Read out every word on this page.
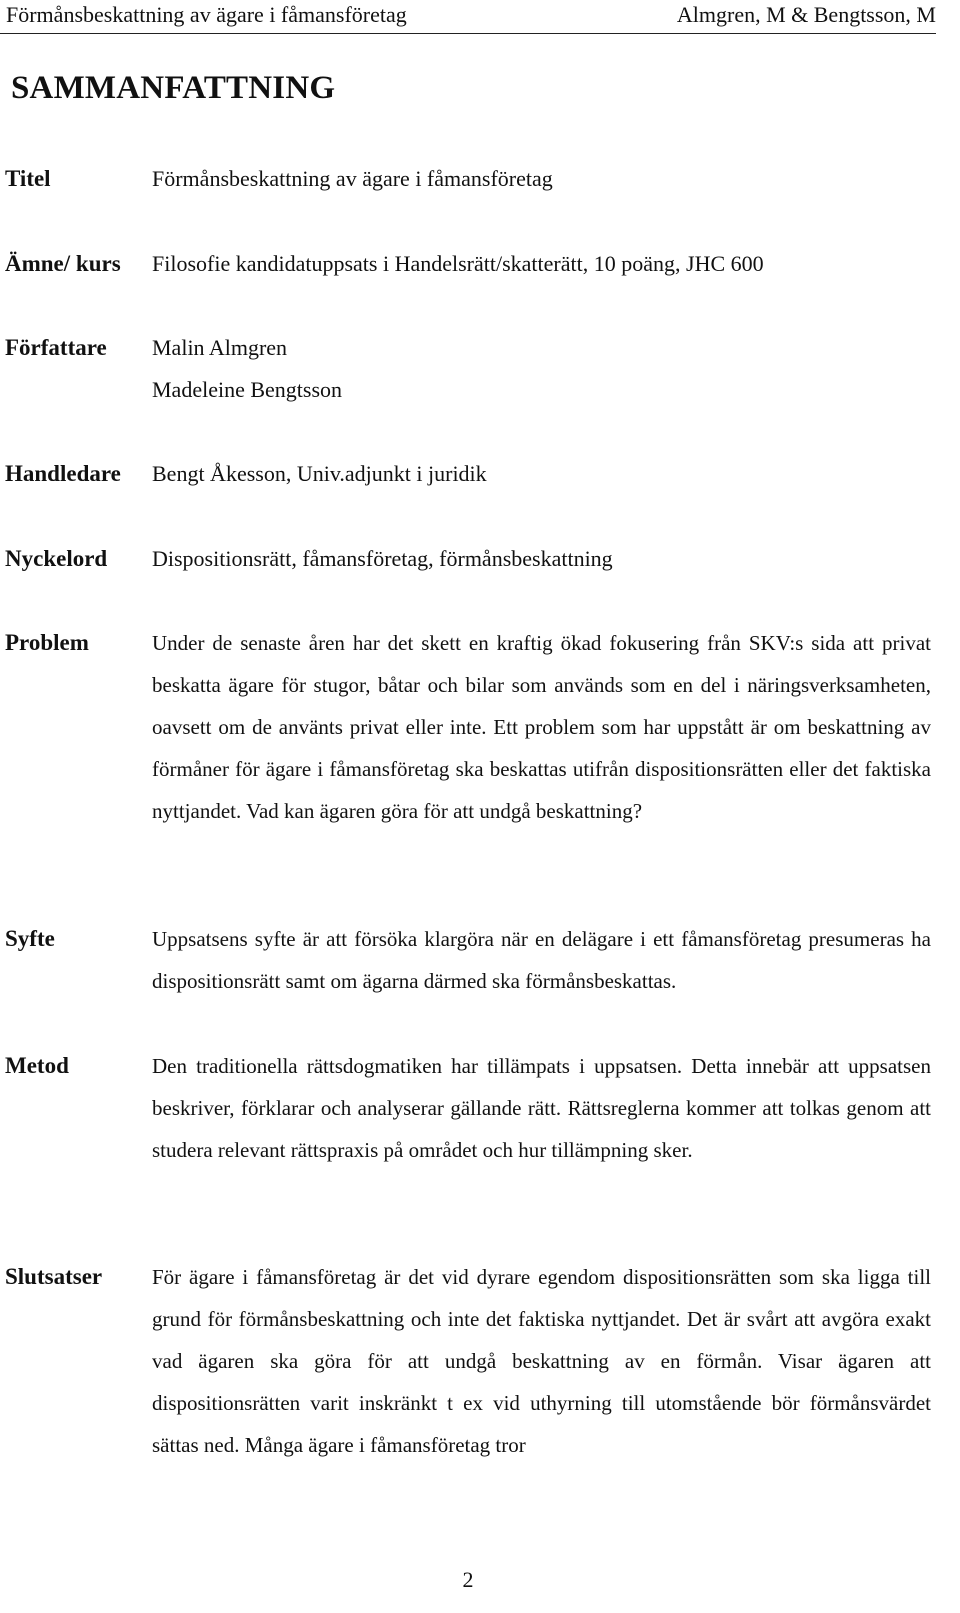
Förmånsbeskattning av ägare i fåmansföretag	Almgren, M & Bengtsson, M
SAMMANFATTNING
Titel	Förmånsbeskattning av ägare i fåmansföretag
Ämne/ kurs Filosofie kandidatuppsats i Handelsrätt/skatterätt, 10 poäng, JHC 600
Författare Malin Almgren
Madeleine Bengtsson
Handledare Bengt Åkesson, Univ.adjunkt i juridik
Nyckelord Dispositionsrätt, fåmansföretag, förmånsbeskattning
Problem	Under de senaste åren har det skett en kraftig ökad fokusering från SKV:s sida att privat beskatta ägare för stugor, båtar och bilar som används som en del i näringsverksamheten, oavsett om de använts privat eller inte. Ett problem som har uppstått är om beskattning av förmåner för ägare i fåmansföretag ska beskattas utifrån dispositionsrätten eller det faktiska nyttjandet. Vad kan ägaren göra för att undgå beskattning?
Syfte	Uppsatsens syfte är att försöka klargöra när en delägare i ett fåmansföretag presumeras ha dispositionsrätt samt om ägarna därmed ska förmånsbeskattas.
Metod	Den traditionella rättsdogmatiken har tillämpats i uppsatsen. Detta innebär att uppsatsen beskriver, förklarar och analyserar gällande rätt. Rättsreglerna kommer att tolkas genom att studera relevant rättspraxis på området och hur tillämpning sker.
Slutsatser För ägare i fåmansföretag är det vid dyrare egendom dispositionsrätten som ska ligga till grund för förmånsbeskattning och inte det faktiska nyttjandet. Det är svårt att avgöra exakt vad ägaren ska göra för att undgå beskattning av en förmån. Visar ägaren att dispositionsrätten varit inskränkt t ex vid uthyrning till utomstående bör förmånsvärdet sättas ned. Många ägare i fåmansföretag tror
2
